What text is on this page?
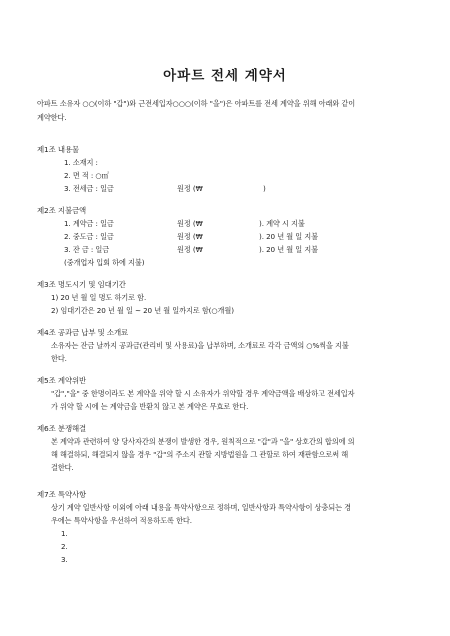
아파트 전세 계약서
아파트 소유자 ○○(이하 "갑")와 근전세입자○○○(이하 "을")은 아파트를 전세 계약을 위해 아래와 같이
계약한다.
제1조 내용물
1. 소재지 :
2. 면 적 : ○㎡
3. 전세금 : 일금	원정 (₩	)
제2조 지불금액
1. 계약금 : 일금	원정 (₩	). 계약 시 지불
2. 중도금 : 일금	원정 (₩	). 20 년 월 일 지불
3. 잔 금 : 일금	원정 (₩	). 20 년 월 일 지불
(중개업자 입회 하에 지불)
제3조 명도시기 및 임대기간
1) 20 년 월 일 명도 하기로 함.
2) 임대기간은 20 년 월 일 ~ 20 년 월 일까지로 함(○개월)
제4조 공과금 납부 및 소개료
소유자는 잔금 날까지 공과금(관리비 및 사용료)을 납부하며, 소개료로 각각 금액의 ○%씩을 지불
한다.
제5조 계약위반
"갑","을" 중 한명이라도 본 계약을 위약 할 시 소유자가 위약할 경우 계약금액을 배상하고 전세입자
가 위약 할 시에 는 계약금을 반환치 않고 본 계약은 무효로 한다.
제6조 분쟁해결
본 계약과 관련하여 양 당사자간의 분쟁이 발생한 경우, 원칙적으로 "갑"과 "을" 상호간의 합의에 의
해 해결하되, 해결되지 않을 경우 "갑"의 주소지 관할 지방법원을 그 관할로 하여 재판함으로써 해
결한다.
제7조 특약사항
상기 계약 일반사항 이외에 아래 내용을 특약사항으로 정하며, 일반사항과 특약사항이 상충되는 경
우에는 특약사항을 우선하여 적용하도록 한다.
1.
2.
3.
